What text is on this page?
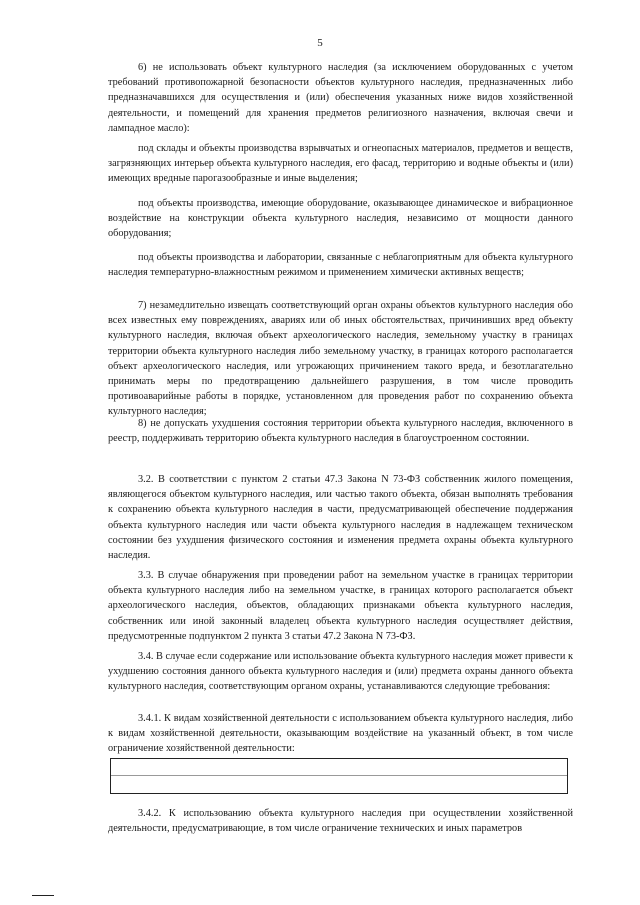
5

6) не использовать объект культурного наследия (за исключением оборудованных с учетом требований противопожарной безопасности объектов культурного наследия, предназначенных либо предназначавшихся для осуществления и (или) обеспечения указанных ниже видов хозяйственной деятельности, и помещений для хранения предметов религиозного назначения, включая свечи и лампадное масло):

под склады и объекты производства взрывчатых и огнеопасных материалов, предметов и веществ, загрязняющих интерьер объекта культурного наследия, его фасад, территорию и водные объекты и (или) имеющих вредные парогазообразные и иные выделения;

под объекты производства, имеющие оборудование, оказывающее динамическое и вибрационное воздействие на конструкции объекта культурного наследия, независимо от мощности данного оборудования;

под объекты производства и лаборатории, связанные с неблагоприятным для объекта культурного наследия температурно-влажностным режимом и применением химически активных веществ;

7) незамедлительно извещать соответствующий орган охраны объектов культурного наследия обо всех известных ему повреждениях, авариях или об иных обстоятельствах, причинивших вред объекту культурного наследия, включая объект археологического наследия, земельному участку в границах территории объекта культурного наследия либо земельному участку, в границах которого располагается объект археологического наследия, или угрожающих причинением такого вреда, и безотлагательно принимать меры по предотвращению дальнейшего разрушения, в том числе проводить противоаварийные работы в порядке, установленном для проведения работ по сохранению объекта культурного наследия;

8) не допускать ухудшения состояния территории объекта культурного наследия, включенного в реестр, поддерживать территорию объекта культурного наследия в благоустроенном состоянии.

3.2. В соответствии с пунктом 2 статьи 47.3 Закона N 73-ФЗ собственник жилого помещения, являющегося объектом культурного наследия, или частью такого объекта, обязан выполнять требования к сохранению объекта культурного наследия в части, предусматривающей обеспечение поддержания объекта культурного наследия или части объекта культурного наследия в надлежащем техническом состоянии без ухудшения физического состояния и изменения предмета охраны объекта культурного наследия.

3.3. В случае обнаружения при проведении работ на земельном участке в границах территории объекта культурного наследия либо на земельном участке, в границах которого располагается объект археологического наследия, объектов, обладающих признаками объекта культурного наследия, собственник или иной законный владелец объекта культурного наследия осуществляет действия, предусмотренные подпунктом 2 пункта 3 статьи 47.2 Закона N 73-ФЗ.

3.4. В случае если содержание или использование объекта культурного наследия может привести к ухудшению состояния данного объекта культурного наследия и (или) предмета охраны данного объекта культурного наследия, соответствующим органом охраны, устанавливаются следующие требования:

3.4.1. К видам хозяйственной деятельности с использованием объекта культурного наследия, либо к видам хозяйственной деятельности, оказывающим воздействие на указанный объект, в том числе ограничение хозяйственной деятельности:

3.4.2. К использованию объекта культурного наследия при осуществлении хозяйственной деятельности, предусматривающие, в том числе ограничение технических и иных параметров
